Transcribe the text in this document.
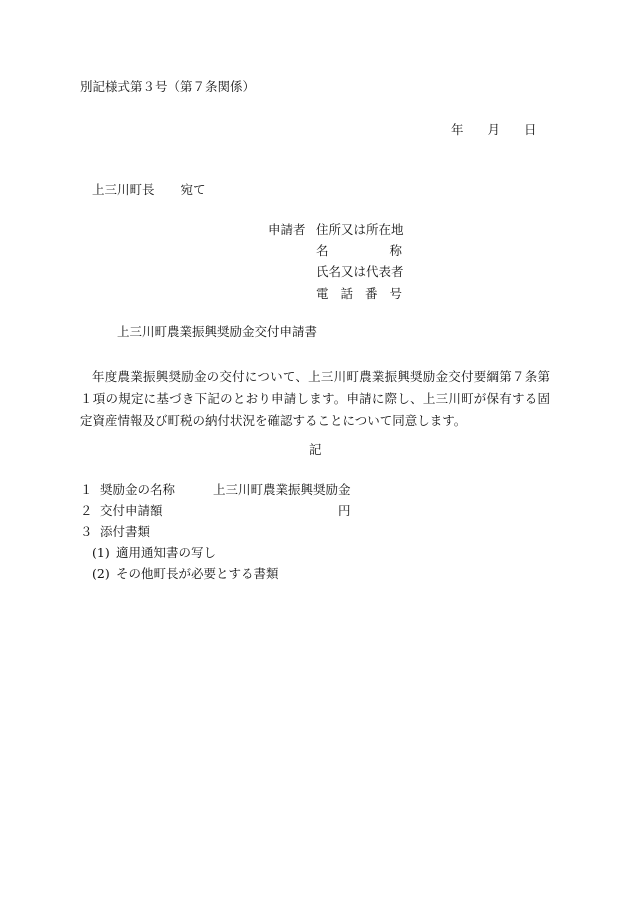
別記様式第３号（第７条関係）
年 月 日
上三川町長 宛て
申請者 住所又は所在地
名	称
氏名又は代表者
電 話 番 号
上三川町農業振興奨励金交付申請書
年度農業振興奨励金の交付について、上三川町農業振興奨励金交付要綱第７条第１項の規定に基づき下記のとおり申請します。申請に際し、上三川町が保有する固定資産情報及び町税の納付状況を確認することについて同意します。
記
１ 奨励金の名称	上三川町農業振興奨励金
２ 交付申請額	円
３ 添付書類
(1) 適用通知書の写し
(2) その他町長が必要とする書類
